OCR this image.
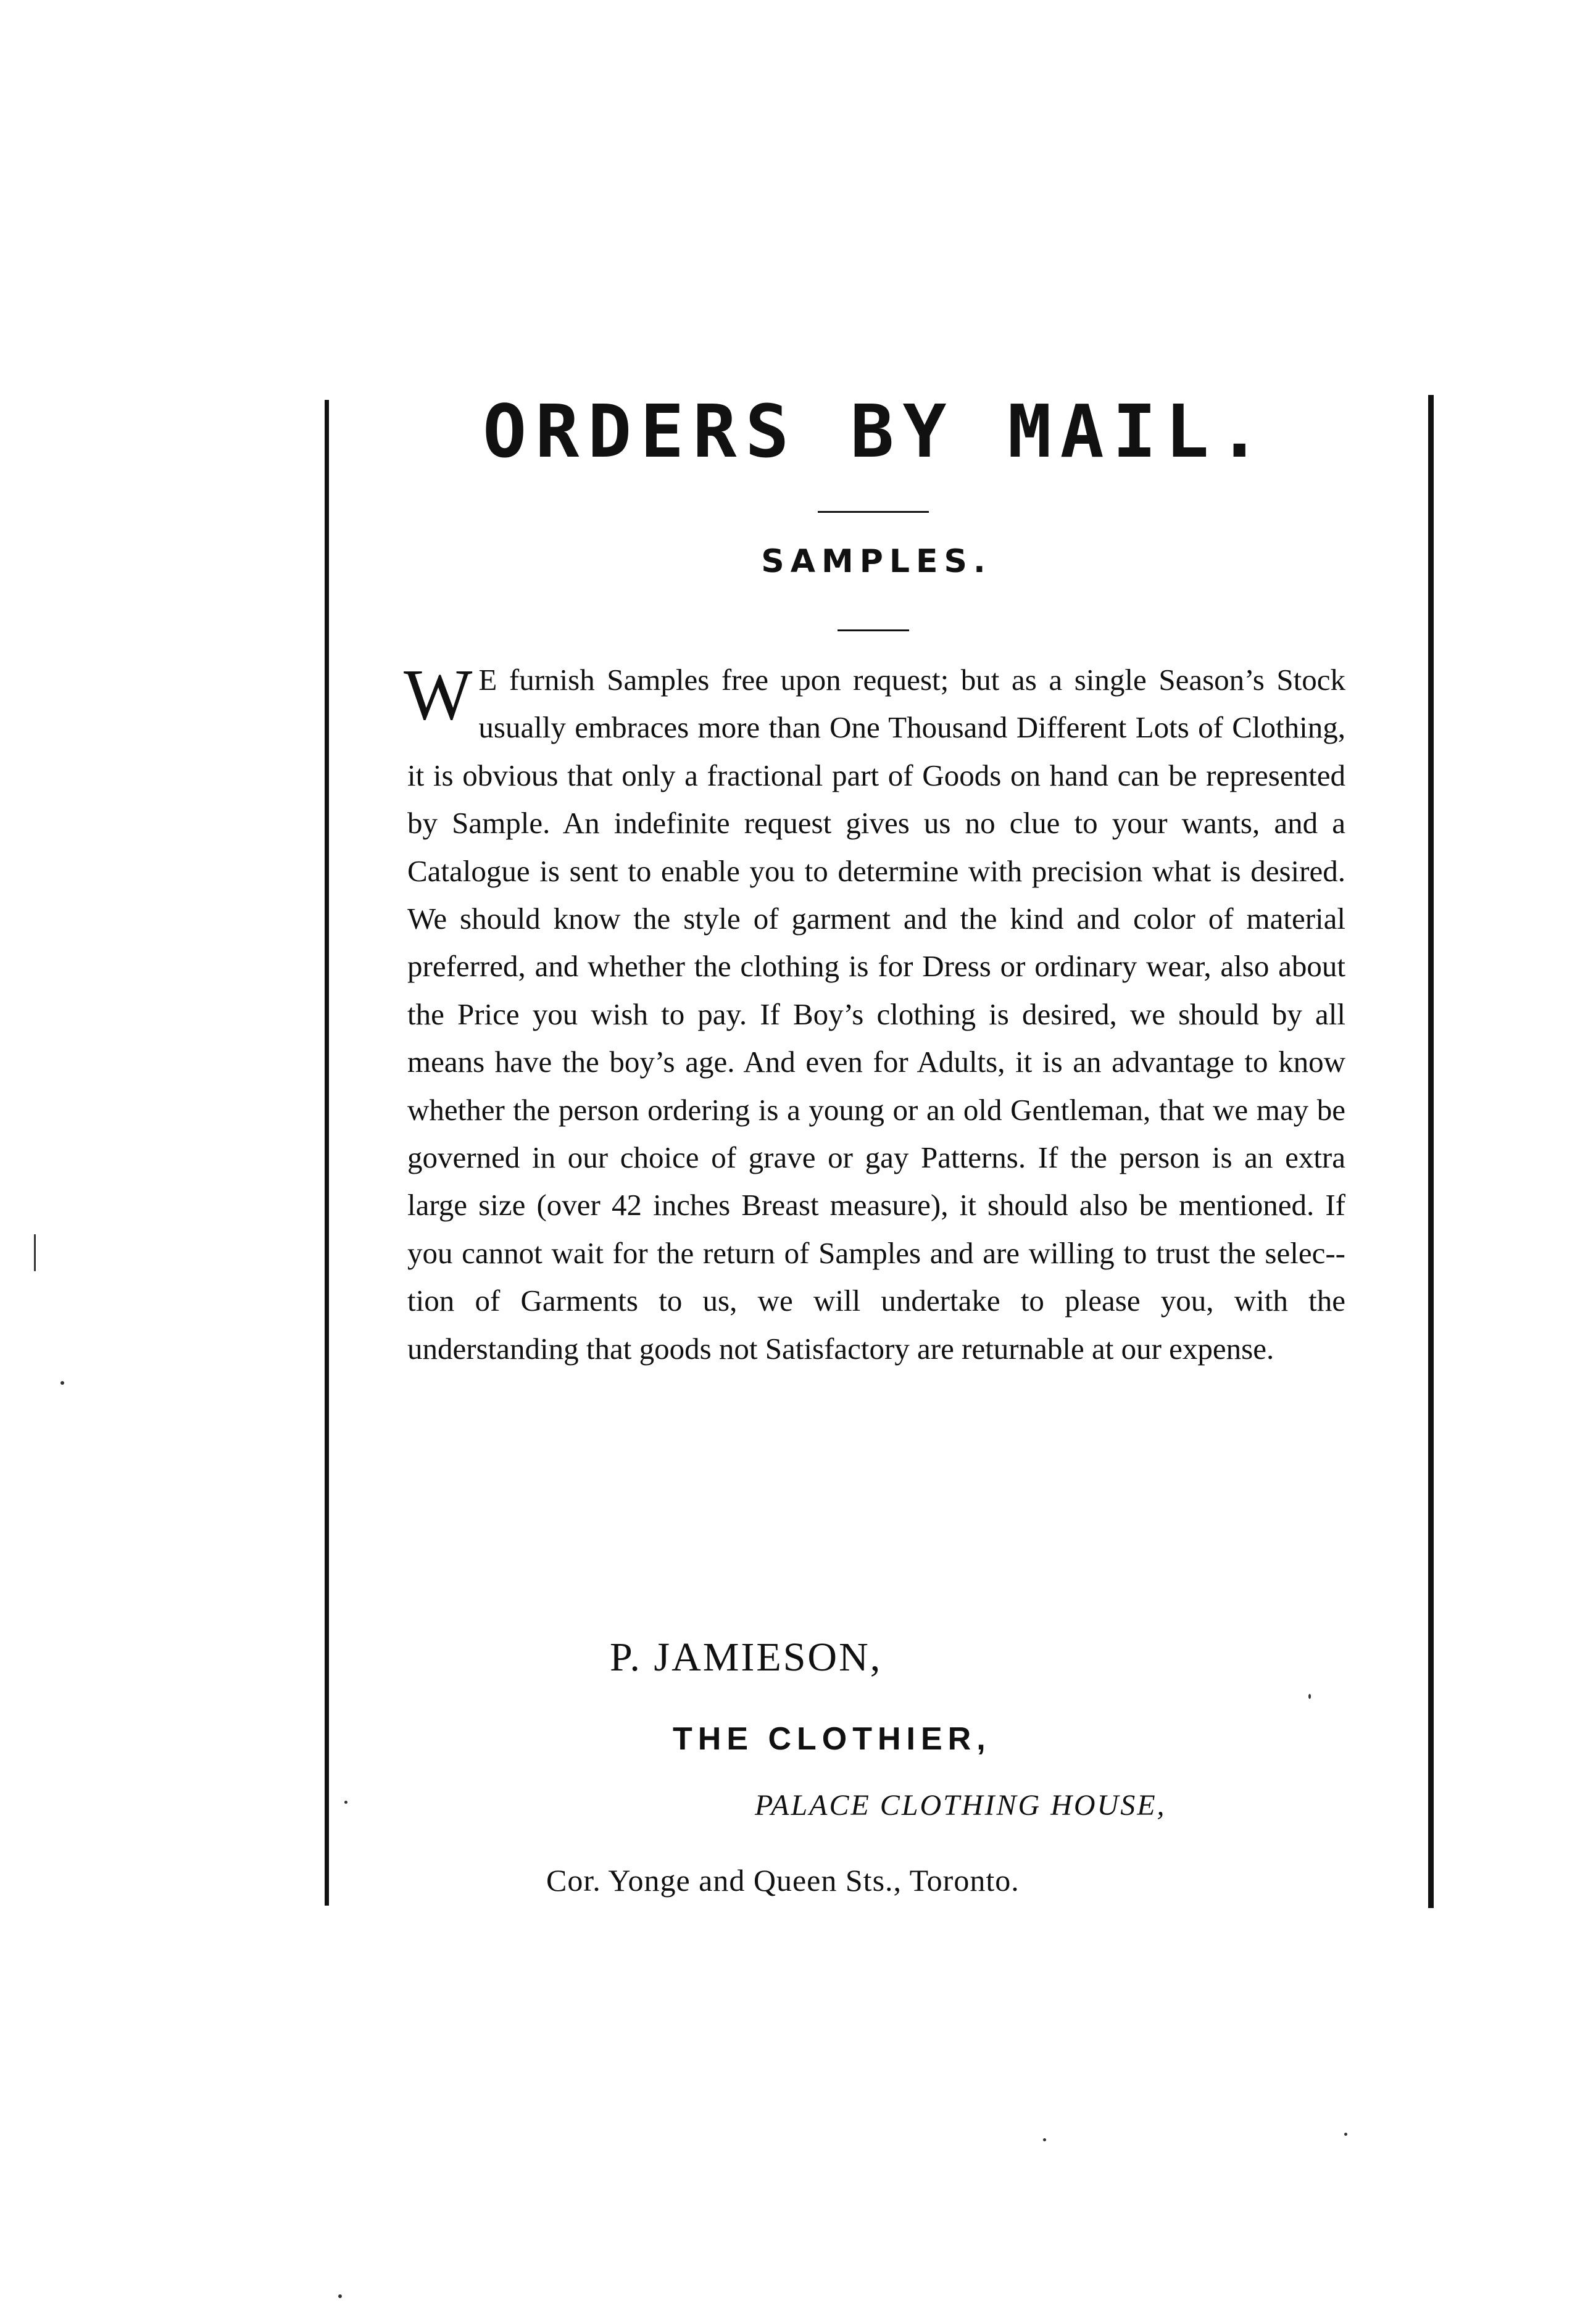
ORDERS BY MAIL.
SAMPLES.
W E furnish Samples free upon request; but as a single Season’s Stock usually embraces more than One Thousand Different Lots of Clothing, it is obvious that only a fractional part of Goods on hand can be represented by Sample. An indefinite request gives us no clue to your wants, and a Catalogue is sent to enable you to determine with precision what is desired. We should know the style of garment and the kind and color of material preferred, and whether the clothing is for Dress or ordinary wear, also about the Price you wish to pay. If Boy’s clothing is desired, we should by all means have the boy’s age. And even for Adults, it is an advantage to know whether the person ordering is a young or an old Gentleman, that we may be governed in our choice of grave or gay Patterns. If the person is an extra large size (over 42 inches Breast measure), it should also be mentioned. If you cannot wait for the return of Samples and are willing to trust the selec-tion of Garments to us, we will undertake to please you, with the understanding that goods not Satisfactory are returnable at our expense.
P. JAMIESON,
THE CLOTHIER,
PALACE CLOTHING HOUSE,
Cor. Yonge and Queen Sts., Toronto.
